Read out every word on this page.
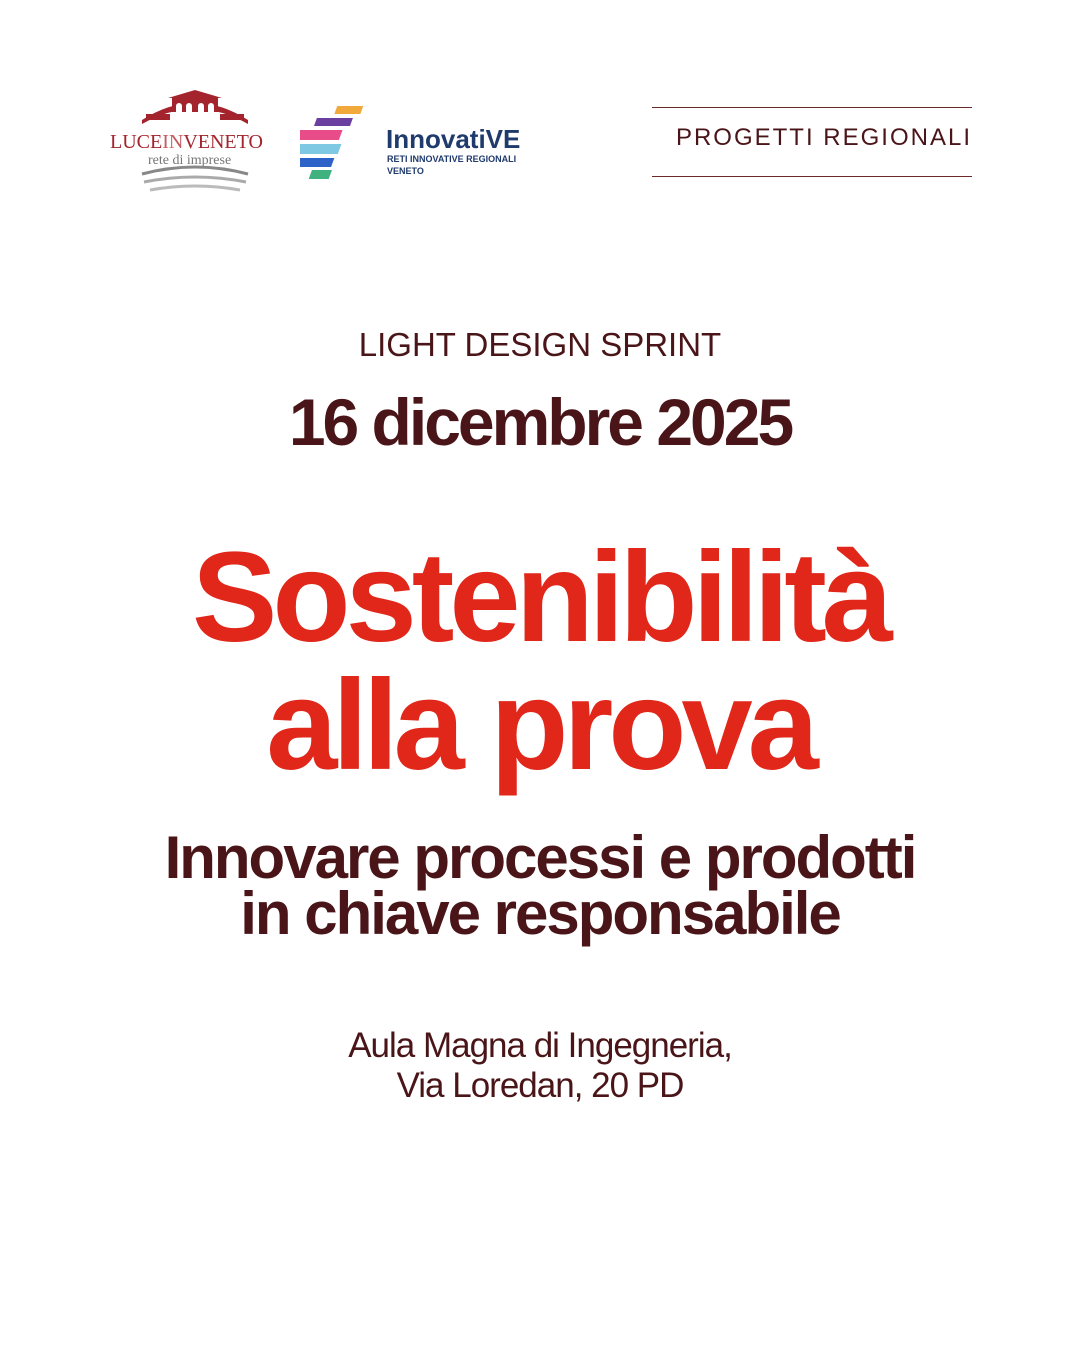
LUCEINVENETO
rete di imprese
InnovatiVE
RETI INNOVATIVE REGIONALI
VENETO
PROGETTI REGIONALI
LIGHT DESIGN SPRINT
16 dicembre 2025
Sostenibilità
alla prova
Innovare processi e prodotti
in chiave responsabile
Aula Magna di Ingegneria,
Via Loredan, 20 PD
